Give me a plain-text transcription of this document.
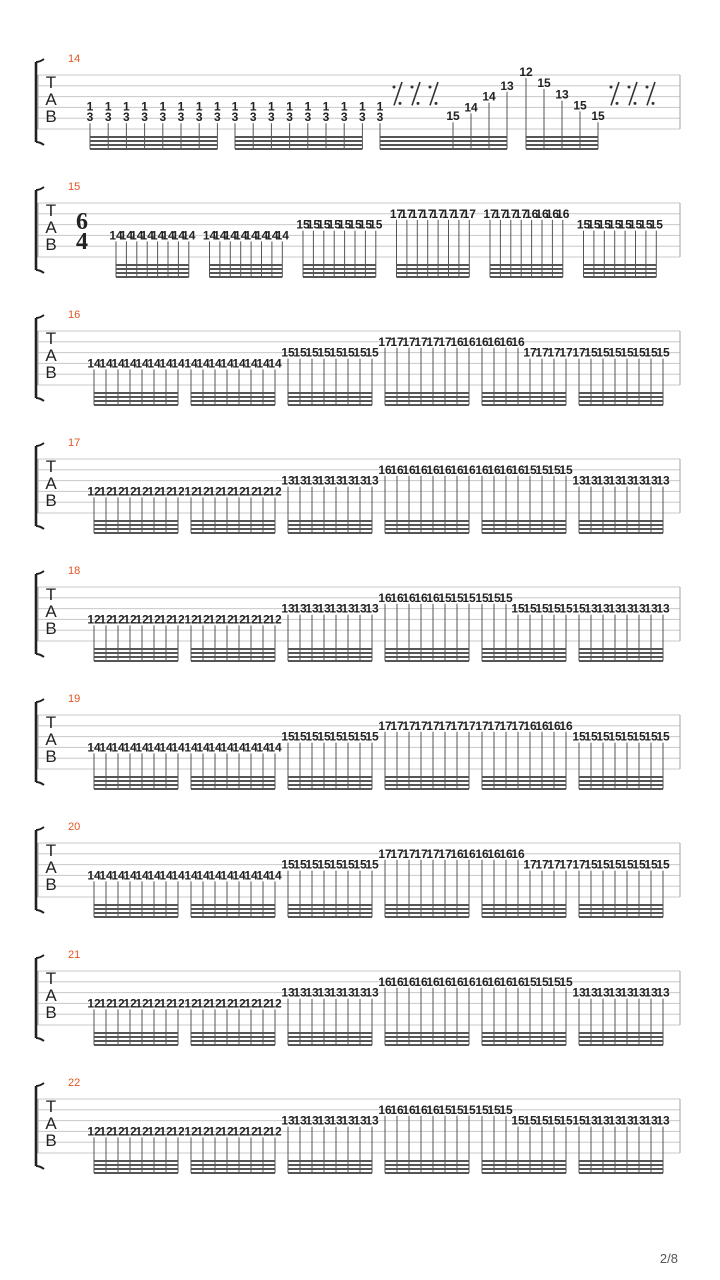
14
T
A
B
1
3
1
3
1
3
1
3
1
3
1
3
1
3
1
3
1
3
1
3
1
3
1
3
1
3
1
3
1
3
1
3
1
3	15
14
14
13
12
15
13
15
15
15
T
A
B
6
4 14
14
14
14
14
14
14
14 14
14
14
14
14
14
14
14
15
15
15
15
15
15
15
15
17
17
17
17
17
17
17
17 17
17
17
17
16
16
16
16
15
15
15
15
15
15
15
15
16
T
A
B	14
14
14
14
14
14
14
14 14
14
14
14
14
14
14
14
15
15
15
15
15
15
15
15
17
17
17
17
17
17
16
16 16
16
16
16
17
17
17
17 17
15
15
15
15
15
15
15
17
T
A
B	12
12
12
12
12
12
12
12 12
12
12
12
12
12
12
12
13
13
13
13
13
13
13
13
16
16
16
16
16
16
16
16 16
16
16
16
15
15
15
15
13
13
13
13
13
13
13
13
18
T
A
B	12
12
12
12
12
12
12
12 12
12
12
12
12
12
12
12
13
13
13
13
13
13
13
13
16
16
16
16
16
15
15
15 15
15
15
15
15
15
15
15 15
13
13
13
13
13
13
13
19
T
A
B	14
14
14
14
14
14
14
14 14
14
14
14
14
14
14
14
15
15
15
15
15
15
15
15
17
17
17
17
17
17
17
17 17
17
17
17
16
16
16
16
15
15
15
15
15
15
15
15
20
T
A
B	14
14
14
14
14
14
14
14 14
14
14
14
14
14
14
14
15
15
15
15
15
15
15
15
17
17
17
17
17
17
16
16 16
16
16
16
17
17
17
17 17
15
15
15
15
15
15
15
21
T
A
B	12
12
12
12
12
12
12
12 12
12
12
12
12
12
12
12
13
13
13
13
13
13
13
13
16
16
16
16
16
16
16
16 16
16
16
16
15
15
15
15
13
13
13
13
13
13
13
13
22
T
A
B	12
12
12
12
12
12
12
12 12
12
12
12
12
12
12
12
13
13
13
13
13
13
13
13
16
16
16
16
16
15
15
15 15
15
15
15
15
15
15
15 15
13
13
13
13
13
13
13
2/8
